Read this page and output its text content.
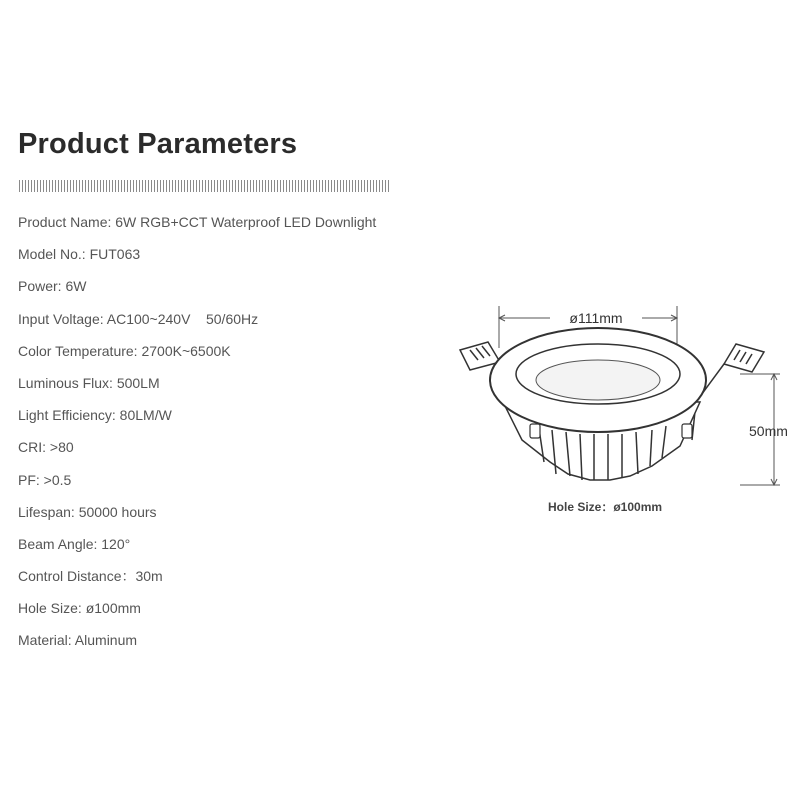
Product Parameters
Product Name: 6W RGB+CCT Waterproof LED Downlight
Model No.: FUT063
Power: 6W
Input Voltage: AC100~240V    50/60Hz
Color Temperature: 2700K~6500K
Luminous Flux: 500LM
Light Efficiency: 80LM/W
CRI: >80
PF: >0.5
Lifespan: 50000 hours
Beam Angle: 120°
Control Distance：30m
Hole Size: ø100mm
Material: Aluminum
ø111mm
50mm
Hole Size：ø100mm
